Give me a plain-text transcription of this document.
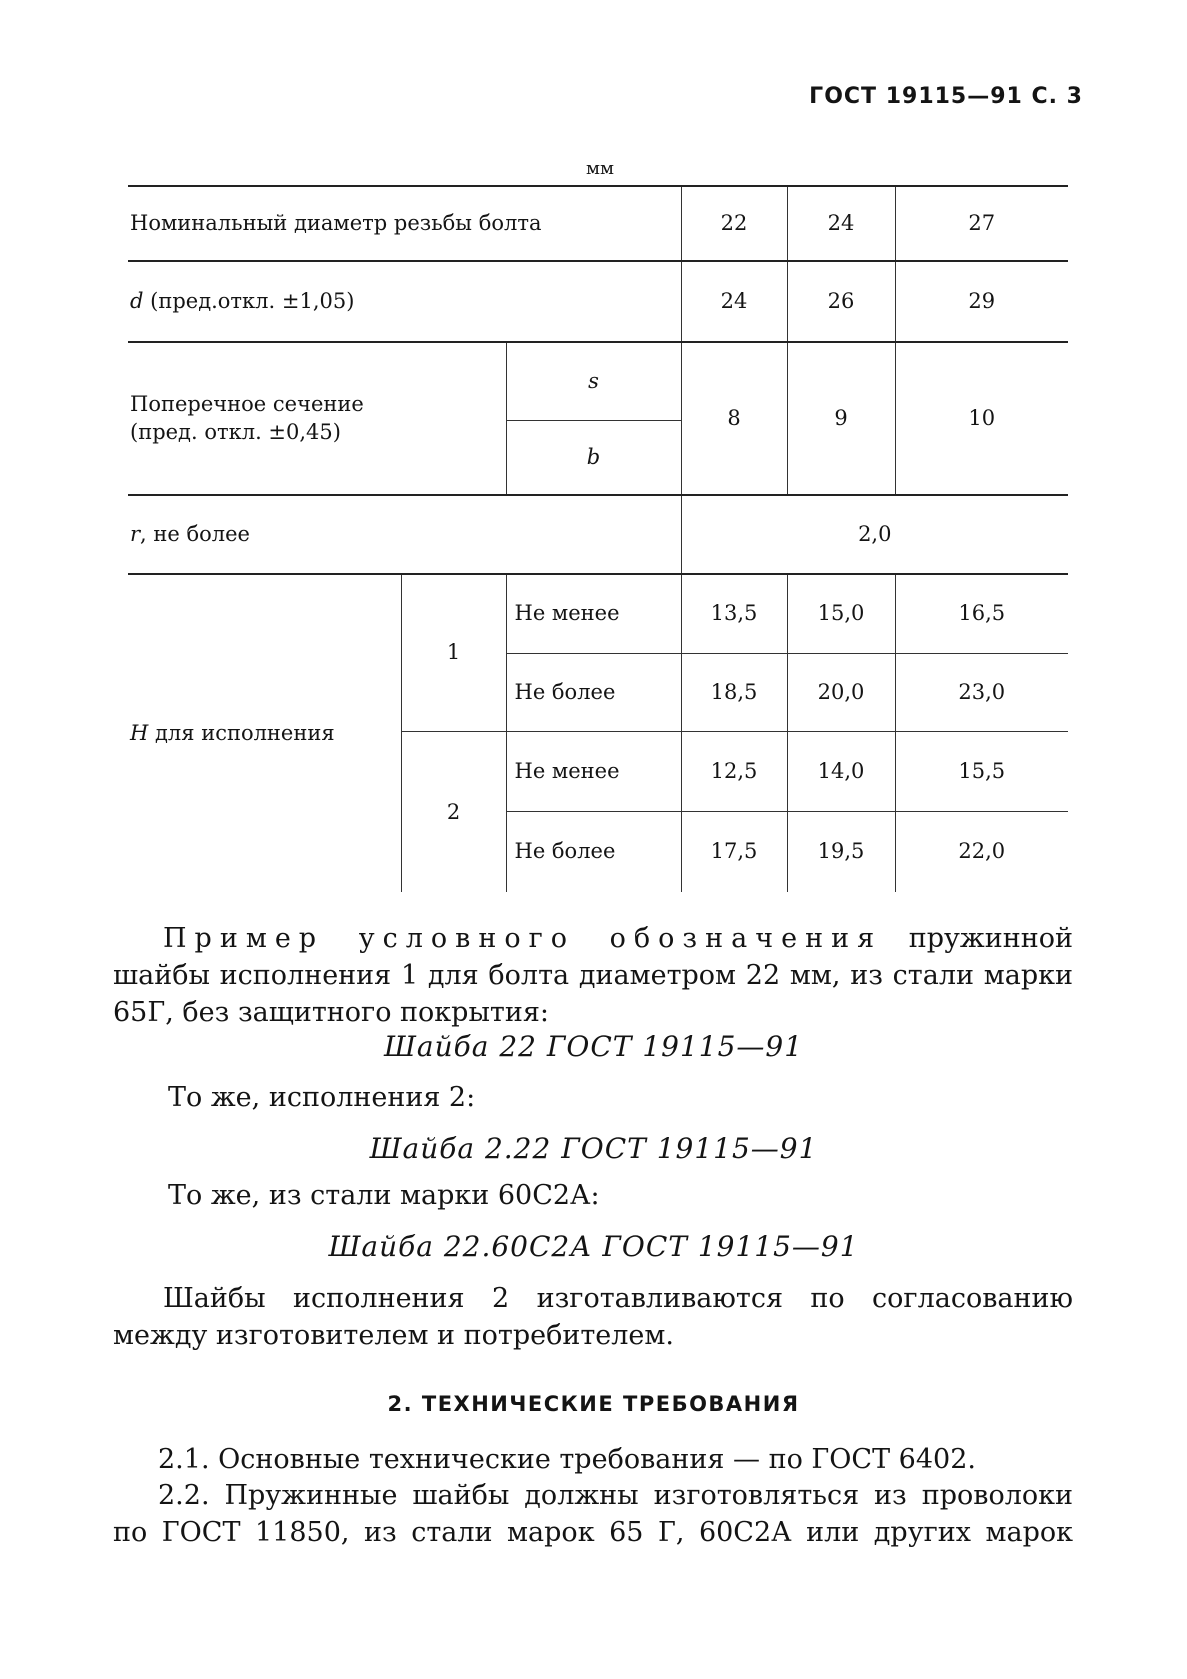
ГОСТ 19115—91 С. 3
мм
Номинальный диаметр резьбы болта			22	24	27
d (пред.откл. ±1,05)			24	26	29

Поперечное сечение
(пред. откл. ±0,45)		s	8	9	10
		b			
r, не более			2,0		
H для исполнения	1	Не менее	13,5	15,0	16,5
		Не более	18,5	20,0	23,0
	2	Не менее	12,5	14,0	15,5
		Не более	17,5	19,5	22,0

Пример условного обозначения пружинной шайбы исполнения 1 для болта диаметром 22 мм, из стали марки 65Г, без защитного покрытия:

Шайба 22 ГОСТ 19115—91
То же, исполнения 2:
Шайба 2.22 ГОСТ 19115—91
То же, из стали марки 60С2А:
Шайба 22.60С2А ГОСТ 19115—91

Шайбы исполнения 2 изготавливаются по согласованию между изготовителем и потребителем.

2. ТЕХНИЧЕСКИЕ ТРЕБОВАНИЯ
2.1. Основные технические требования — по ГОСТ 6402.
2.2. Пружинные шайбы должны изготовляться из проволоки
по ГОСТ 11850, из стали марок 65 Г, 60С2А или других марок
